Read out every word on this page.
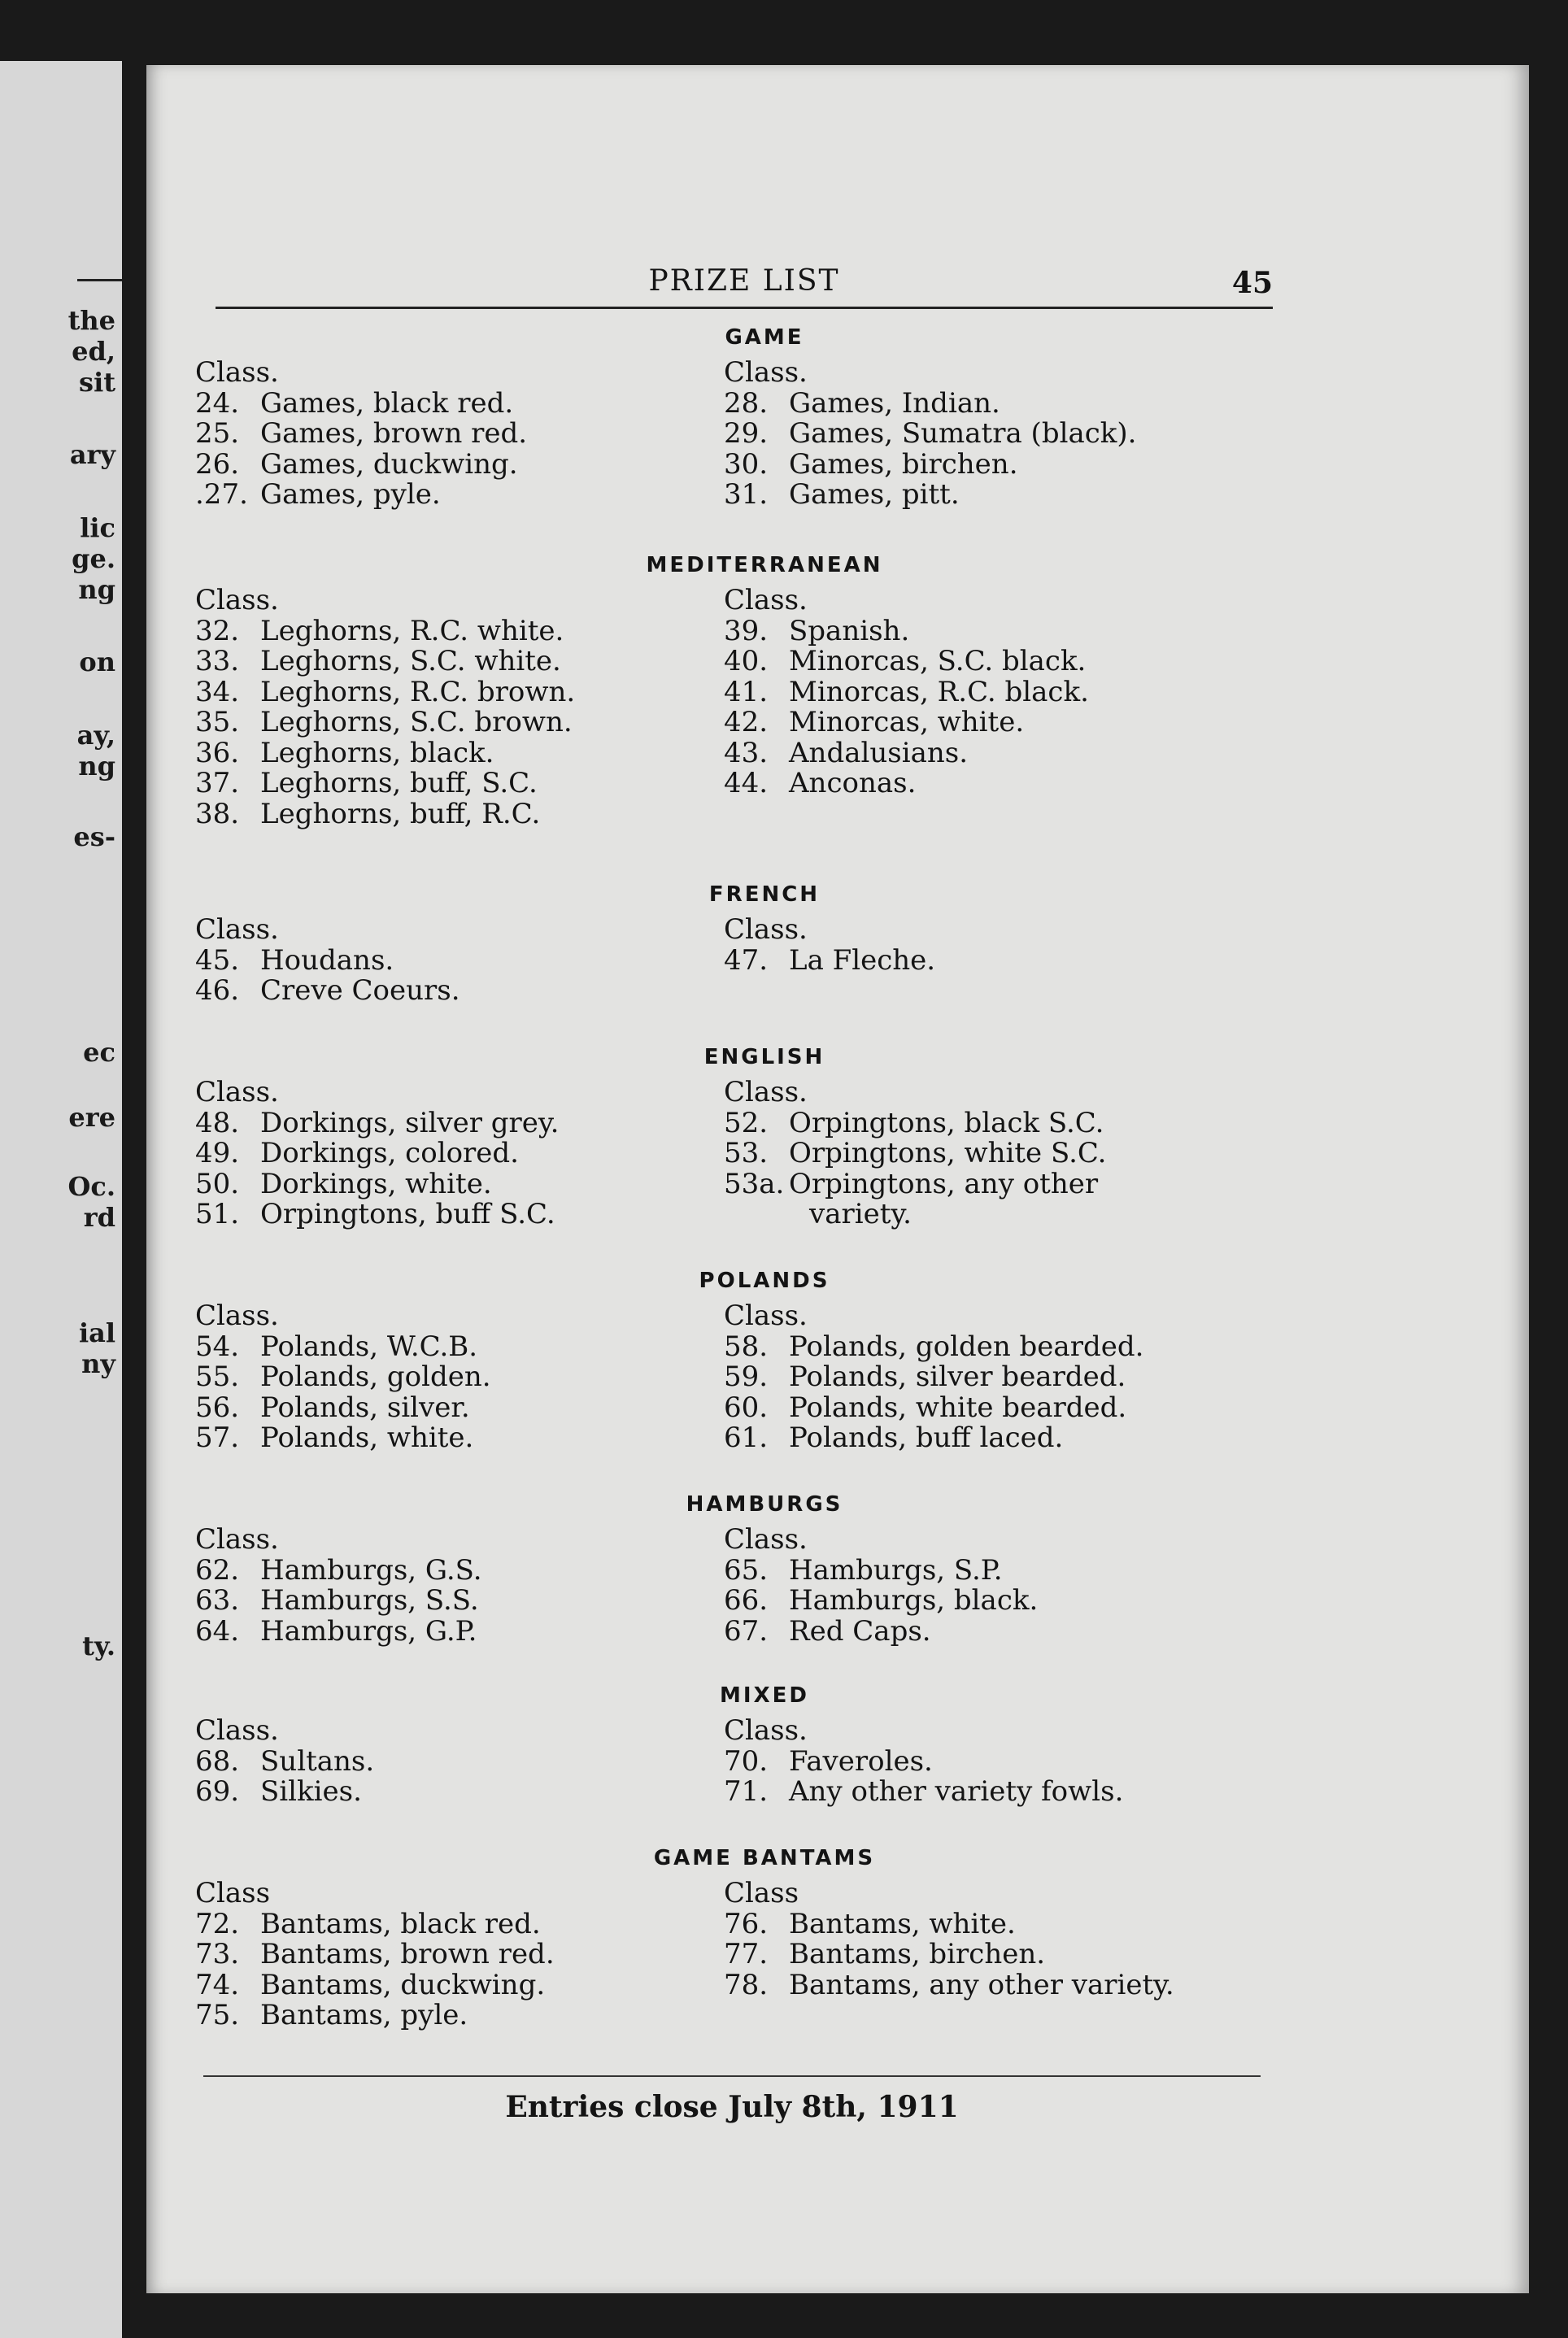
the
ed,
sit
ary
lic
ge.
ng
on
ay,
ng
es-
ec
ere
Oc.
rd
ial
ny
ty.
PRIZE LIST	45
GAME
Class.
24. Games, black red.
25. Games, brown red.
26. Games, duckwing.
.27. Games, pyle.
Class.
28. Games, Indian.
29. Games, Sumatra (black).
30. Games, birchen.
31. Games, pitt.
MEDITERRANEAN
Class.
32. Leghorns, R.C. white.
33. Leghorns, S.C. white.
34. Leghorns, R.C. brown.
35. Leghorns, S.C. brown.
36. Leghorns, black.
37. Leghorns, buff, S.C.
38. Leghorns, buff, R.C.
Class.
39. Spanish.
40. Minorcas, S.C. black.
41. Minorcas, R.C. black.
42. Minorcas, white.
43. Andalusians.
44. Anconas.
FRENCH
Class.
45. Houdans.
46. Creve Coeurs.
Class.
47. La Fleche.
ENGLISH
Class.
48. Dorkings, silver grey.
49. Dorkings, colored.
50. Dorkings, white.
51. Orpingtons, buff S.C.
Class.
52. Orpingtons, black S.C.
53. Orpingtons, white S.C.
53a. Orpingtons, any other
variety.
POLANDS
Class.
54. Polands, W.C.B.
55. Polands, golden.
56. Polands, silver.
57. Polands, white.
Class.
58. Polands, golden bearded.
59. Polands, silver bearded.
60. Polands, white bearded.
61. Polands, buff laced.
HAMBURGS
Class.
62. Hamburgs, G.S.
63. Hamburgs, S.S.
64. Hamburgs, G.P.
Class.
65. Hamburgs, S.P.
66. Hamburgs, black.
67. Red Caps.
MIXED
Class.
68. Sultans.
69. Silkies.
Class.
70. Faveroles.
71. Any other variety fowls.
GAME BANTAMS
Class
72. Bantams, black red.
73. Bantams, brown red.
74. Bantams, duckwing.
75. Bantams, pyle.
Class
76. Bantams, white.
77. Bantams, birchen.
78. Bantams, any other variety.
Entries close July 8th, 1911
